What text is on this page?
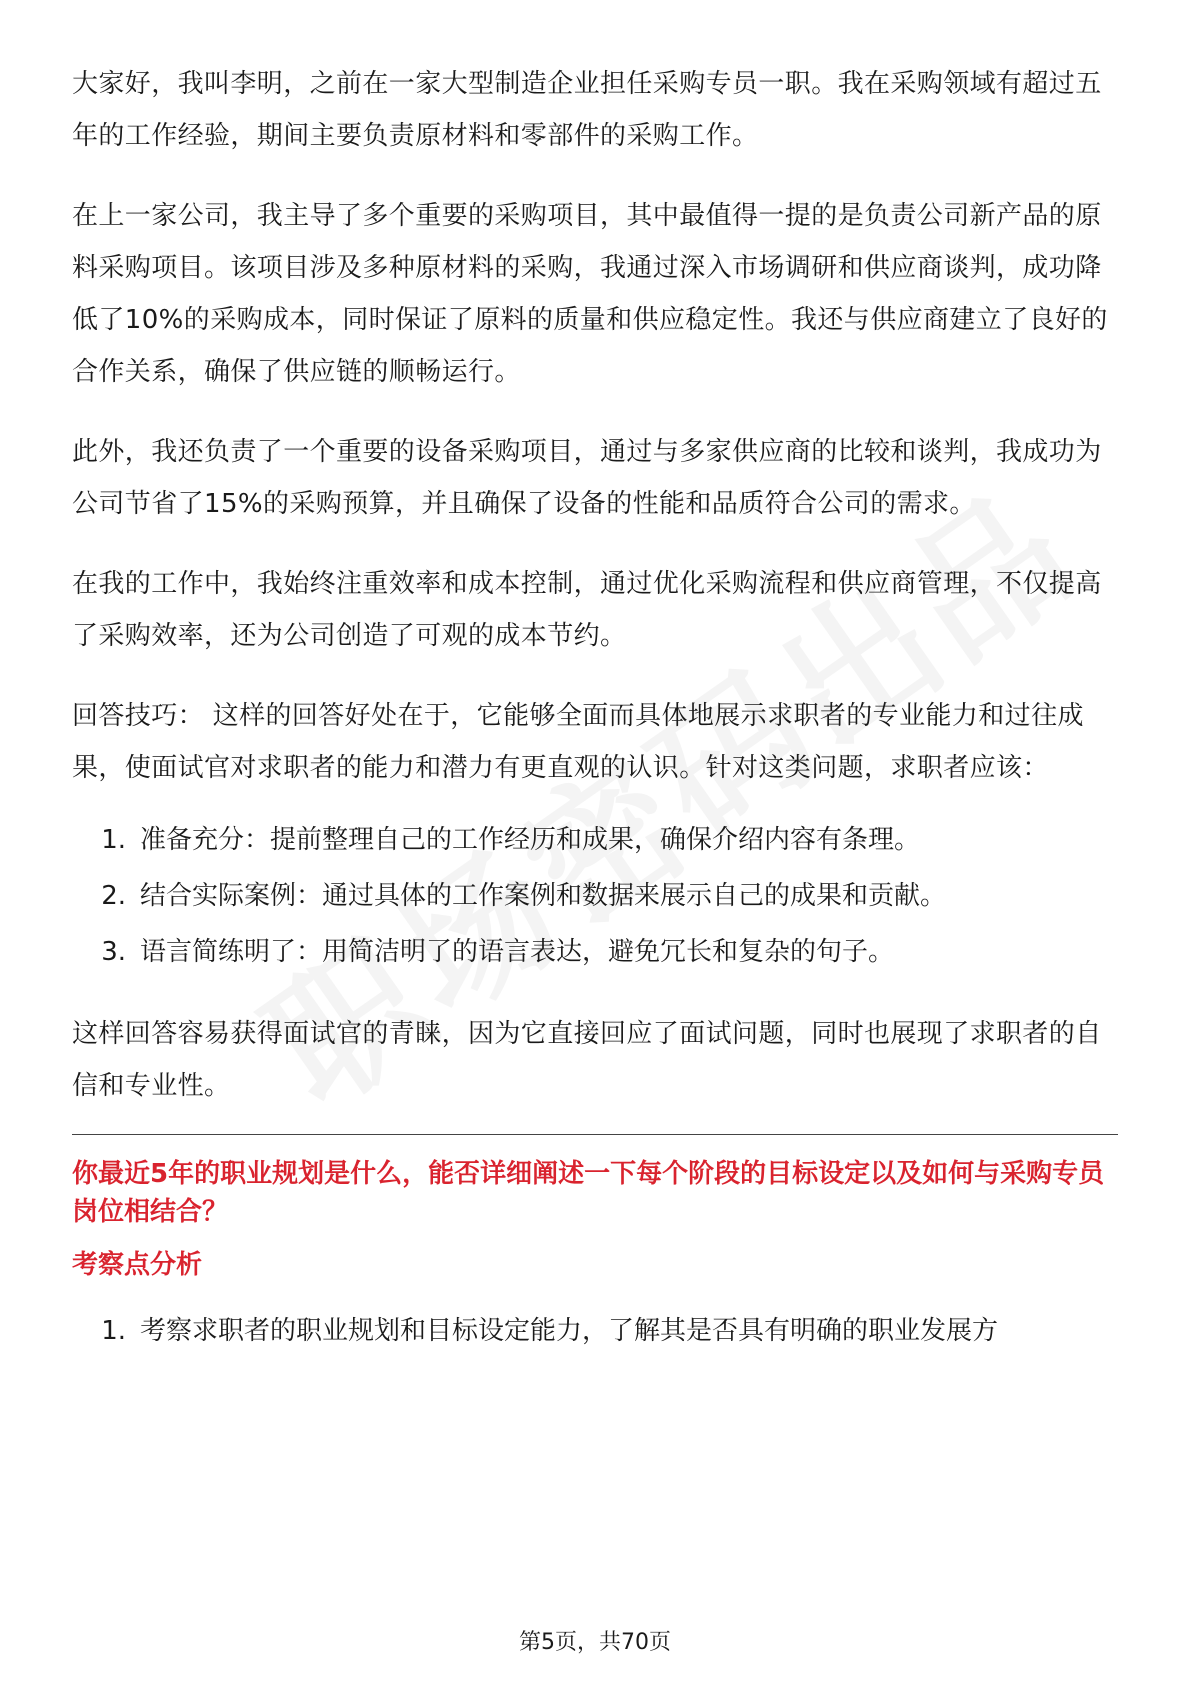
大家好，我叫李明，之前在一家大型制造企业担任采购专员一职。我在采购领域有超过五年的工作经验，期间主要负责原材料和零部件的采购工作。

在上一家公司，我主导了多个重要的采购项目，其中最值得一提的是负责公司新产品的原料采购项目。该项目涉及多种原材料的采购，我通过深入市场调研和供应商谈判，成功降低了10%的采购成本，同时保证了原料的质量和供应稳定性。我还与供应商建立了良好的合作关系，确保了供应链的顺畅运行。

此外，我还负责了一个重要的设备采购项目，通过与多家供应商的比较和谈判，我成功为公司节省了15%的采购预算，并且确保了设备的性能和品质符合公司的需求。

在我的工作中，我始终注重效率和成本控制，通过优化采购流程和供应商管理，不仅提高了采购效率，还为公司创造了可观的成本节约。

回答技巧： 这样的回答好处在于，它能够全面而具体地展示求职者的专业能力和过往成果，使面试官对求职者的能力和潜力有更直观的认识。针对这类问题，求职者应该：

1. 准备充分：提前整理自己的工作经历和成果，确保介绍内容有条理。
2. 结合实际案例：通过具体的工作案例和数据来展示自己的成果和贡献。
3. 语言简练明了：用简洁明了的语言表达，避免冗长和复杂的句子。

这样回答容易获得面试官的青睐，因为它直接回应了面试问题，同时也展现了求职者的自信和专业性。

你最近5年的职业规划是什么，能否详细阐述一下每个阶段的目标设定以及如何与采购专员岗位相结合？
考察点分析
1. 考察求职者的职业规划和目标设定能力，了解其是否具有明确的职业发展方
第5页，共70页
